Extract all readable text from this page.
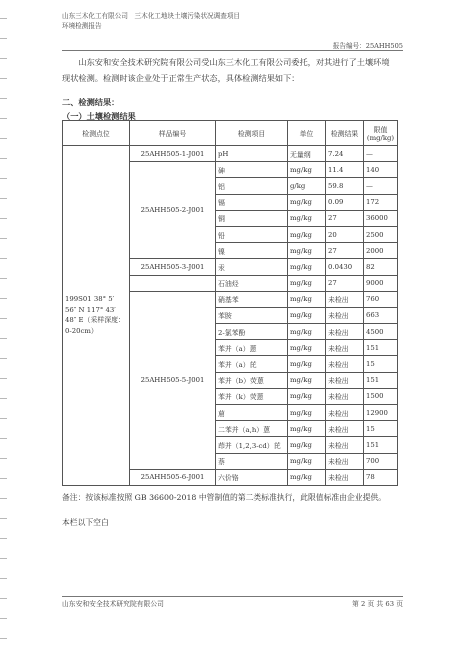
山东三木化工有限公司　三木化工地块土壤污染状况调查项目
环境检测报告
报告编号：25AHH505
山东安和安全技术研究院有限公司受山东三木化工有限公司委托，对其进行了土壤环境现状检测。检测时该企业处于正常生产状态，具体检测结果如下：
二、检测结果：
（一）土壤检测结果
检测点位	样品编号	检测项目	单位	检测结果	限值 (mg/kg)
199S01 38° 5′ 56″ N 117° 43′ 48″ E（采样深度：0-20cm）	25AHH505-1-J001	pH	无量纲	7.24	—
	25AHH505-2-J001	砷	mg/kg	11.4	140
		铝	g/kg	59.8	—
		镉	mg/kg	0.09	172
		铜	mg/kg	27	36000
		铅	mg/kg	20	2500
		镍	mg/kg	27	2000
	25AHH505-3-J001	汞	mg/kg	0.0430	82
		石油烃	mg/kg	27	9000
	25AHH505-5-J001	硝基苯	mg/kg	未检出	760
		苯胺	mg/kg	未检出	663
		2-氯苯酚	mg/kg	未检出	4500
		苯并（a）蒽	mg/kg	未检出	151
		苯并（a）芘	mg/kg	未检出	15
		苯并（b）荧蒽	mg/kg	未检出	151
		苯并（k）荧蒽	mg/kg	未检出	1500
		䓛	mg/kg	未检出	12900
		二苯并（a,h）蒽	mg/kg	未检出	15
		茚并（1,2,3-cd）芘	mg/kg	未检出	151
		萘	mg/kg	未检出	700
	25AHH505-6-J001	六价铬	mg/kg	未检出	78
备注：按该标准按照 GB 36600-2018 中管制值的第二类标准执行，此限值标准由企业提供。
本栏以下空白
山东安和安全技术研究院有限公司	第 2 页 共 63 页
